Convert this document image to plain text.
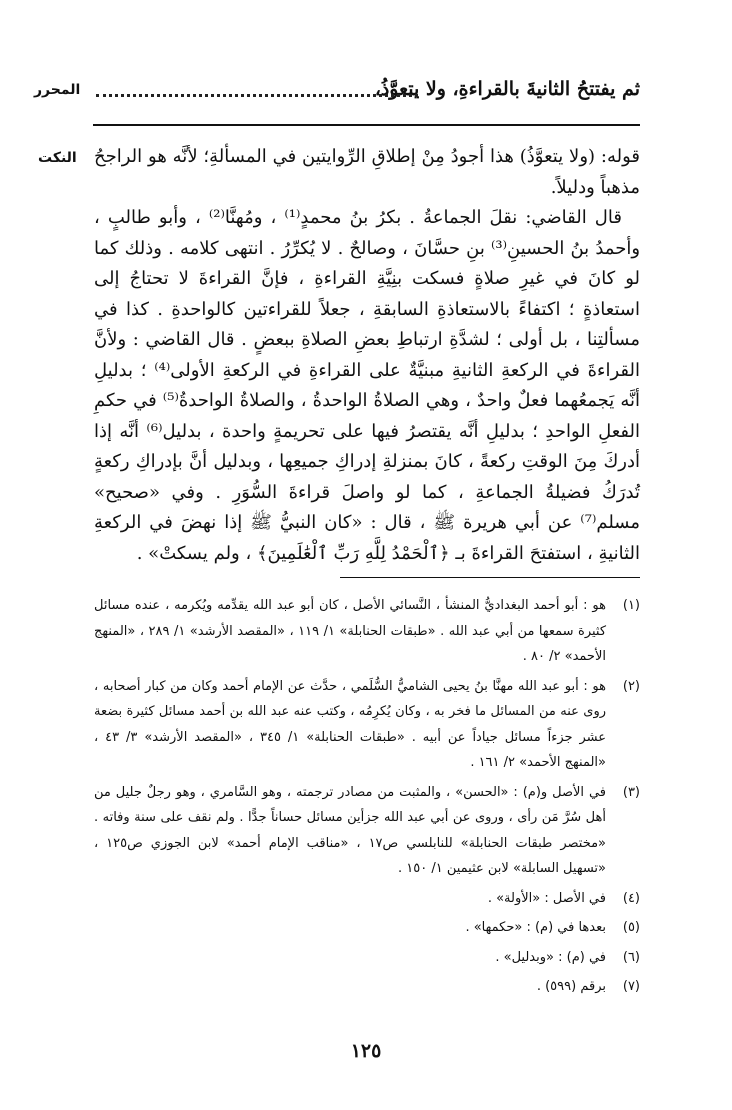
المحرر	ثم يفتتحُ الثانيةَ بالقراءةِ، ولا يتعوَّذُ،
النكت قوله: (ولا يتعوَّذُ) هذا أجودُ مِنْ إطلاقِ الرِّوايتين في المسألةِ؛ لأنَّه هو الراجحُ مذهباً ودليلاً.

قال القاضي: نقلَ الجماعةُ . بكرُ بنُ محمدٍ⁽¹⁾ ، ومُهنَّا⁽²⁾ ، وأبو طالبٍ ، وأحمدُ بنُ الحسينِ⁽³⁾ بنِ حسَّانَ ، وصالحٌ . لا يُكرِّرُ . انتهى كلامه . وذلك كما لو كانَ في غيرِ صلاةٍ فسكت بنِيَّةِ القراءةِ ، فإنَّ القراءةَ لا تحتاجُ إلى استعاذةٍ ؛ اكتفاءً بالاستعاذةِ السابقةِ ، جعلاً للقراءتين كالواحدةِ . كذا في مسألتِنا ، بل أولى ؛ لشدَّةِ ارتباطِ بعضِ الصلاةِ ببعضٍ . قال القاضي : ولأنَّ القراءةَ في الركعةِ الثانيةِ مبنيَّةٌ على القراءةِ في الركعةِ الأولى⁽⁴⁾ ؛ بدليلِ أنَّه يَجمعُهما فعلٌ واحدٌ ، وهي الصلاةُ الواحدةُ ، والصلاةُ الواحدةُ⁽⁵⁾ في حكمِ الفعلِ الواحدِ ؛ بدليلِ أنَّه يقتصرُ فيها على تحريمةٍ واحدة ، بدليل⁽⁶⁾ أنَّه إذا أدركَ مِنَ الوقتِ ركعةً ، كانَ بمنزلةِ إدراكِ جميعِها ، وبدليل أنَّ بإدراكِ ركعةٍ تُدرَكُ فضيلةُ الجماعةِ ، كما لو واصلَ قراءةَ السُّوَرِ . وفي «صحيح» مسلم⁽⁷⁾ عن أبي هريرة ﷺ ، قال : «كان النبيُّ ﷺ إذا نهضَ في الركعةِ الثانيةِ ، استفتحَ القراءةَ بـ ﴿ٱلْحَمْدُ لِلَّهِ رَبِّ ٱلْعَٰلَمِينَ﴾ ، ولم يسكتْ» .

(١)
هو : أبو أحمد البغداديُّ المنشأ ، النَّسائي الأصل ، كان أبو عبد الله يقدِّمه ويُكرمه ، عنده مسائل كثيرة سمعها من أبي عبد الله . «طبقات الحنابلة» ١/ ١١٩ ، «المقصد الأرشد» ١/ ٢٨٩ ، «المنهج الأحمد» ٢/ ٨٠ .
(٢)
هو : أبو عبد الله مهنَّا بنُ يحيى الشاميُّ السُّلَمي ، حدَّث عن الإمام أحمد وكان من كبار أصحابه ، روى عنه من المسائل ما فخر به ، وكان يُكرِمُه ، وكتب عنه عبد الله بن أحمد مسائل كثيرة بضعة عشر جزءاً مسائل جياداً عن أبيه . «طبقات الحنابلة» ١/ ٣٤٥ ، «المقصد الأرشد» ٣/ ٤٣ ، «المنهج الأحمد» ٢/ ١٦١ .
(٣)
في الأصل و(م) : «الحسن» ، والمثبت من مصادر ترجمته ، وهو السَّامري ، وهو رجلٌ جليل من أهل سُرَّ مَن رأى ، وروى عن أبي عبد الله جزأين مسائل حساناً جدًّا . ولم نقف على سنة وفاته . «مختصر طبقات الحنابلة» للنابلسي ص١٧ ، «مناقب الإمام أحمد» لابن الجوزي ص١٢٥ ، «تسهيل السابلة» لابن عثيمين ١/ ١٥٠ .
(٤)
في الأصل : «الأولة» .
(٥)
بعدها في (م) : «حكمها» .
(٦)
في (م) : «وبدليل» .
(٧)
برقم (٥٩٩) .
١٢٥
